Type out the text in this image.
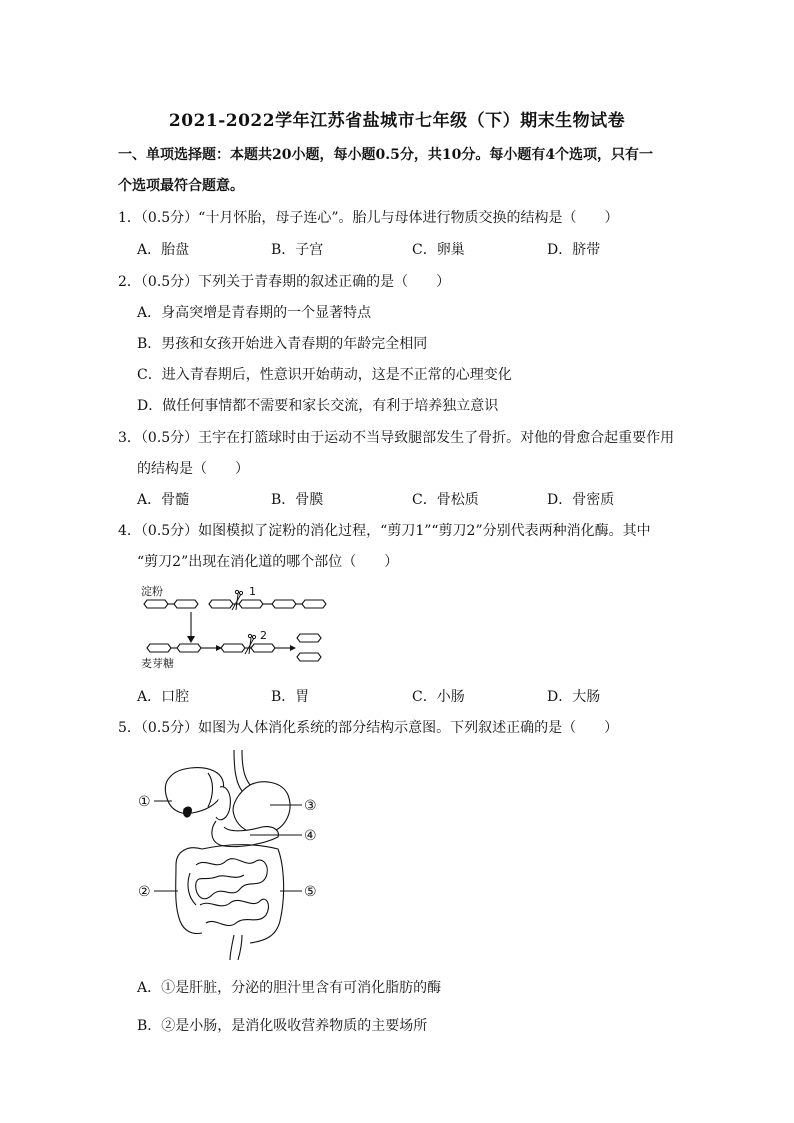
2021-2022学年江苏省盐城市七年级（下）期末生物试卷
一、单项选择题：本题共20小题，每小题0.5分，共10分。每小题有4个选项，只有一
个选项最符合题意。
1．（0.5分）“十月怀胎，母子连心”。胎儿与母体进行物质交换的结构是（　　）
A．胎盘	B．子宫	C．卵巢	D．脐带
2．（0.5分）下列关于青春期的叙述正确的是（　　）
A．身高突增是青春期的一个显著特点
B．男孩和女孩开始进入青春期的年龄完全相同
C．进入青春期后，性意识开始萌动，这是不正常的心理变化
D．做任何事情都不需要和家长交流，有利于培养独立意识
3．（0.5分）王宇在打篮球时由于运动不当导致腿部发生了骨折。对他的骨愈合起重要作用
的结构是（　　）
A．骨髓	B．骨膜	C．骨松质	D．骨密质
4．（0.5分）如图模拟了淀粉的消化过程，“剪刀1”“剪刀2”分别代表两种消化酶。其中
“剪刀2”出现在消化道的哪个部位（　　）
淀粉
麦芽糖
1
2
A．口腔	B．胃	C．小肠	D．大肠
5．（0.5分）如图为人体消化系统的部分结构示意图。下列叙述正确的是（　　）
①
②
③
④
⑤
A．①是肝脏，分泌的胆汁里含有可消化脂肪的酶
B．②是小肠，是消化吸收营养物质的主要场所
